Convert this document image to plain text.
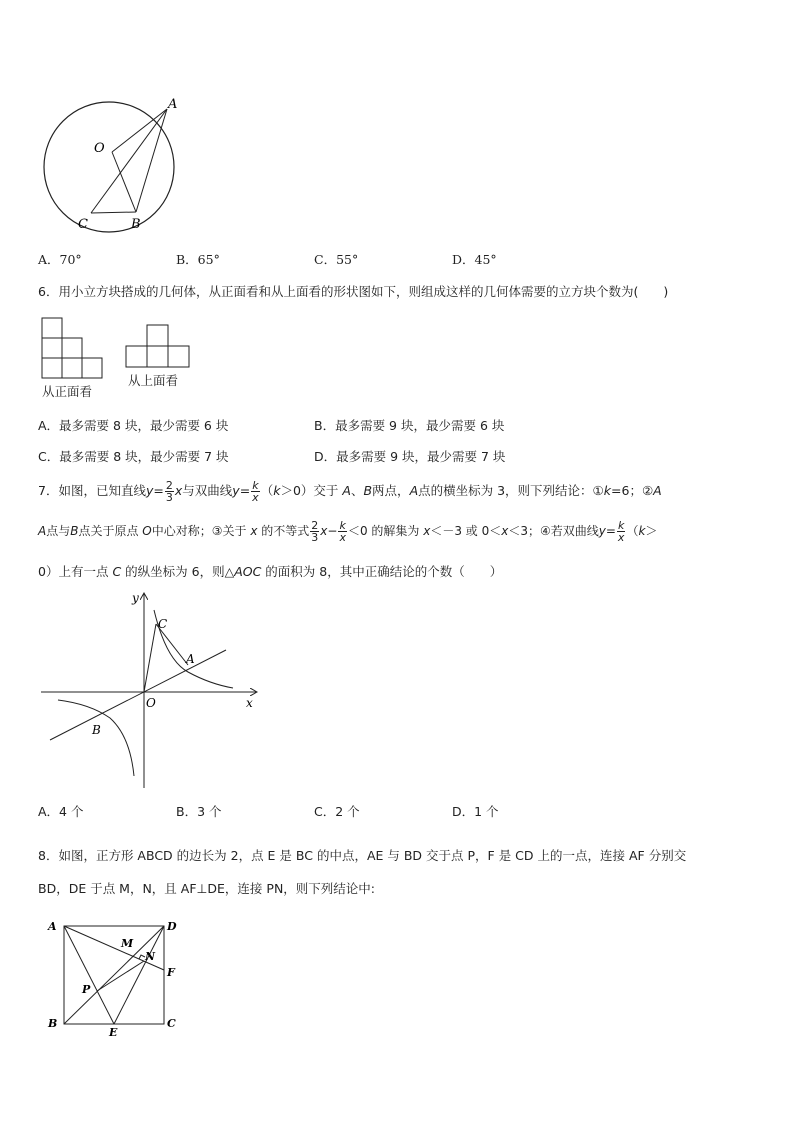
A
O
C	B
A．70°	B．65°	C．55°	D．45°
6．用小立方块搭成的几何体，从正面看和从上面看的形状图如下，则组成这样的几何体需要的立方块个数为(　　)
从正面看
从上面看
A．最多需要 8 块，最少需要 6 块	B．最多需要 9 块，最少需要 6 块
C．最多需要 8 块，最少需要 7 块	D．最多需要 9 块，最少需要 7 块
7．如图，已知直线$y= \frac{2}{3}$ x与双曲线$y= \frac{k}{x} (k>0)$交于 A、B两点，A点的横坐标为 3，则下列结论：①k=6；②A
A点与B点关于原点 O中心对称；③关于 x 的不等式 $\frac{2}{3} x- \frac{k}{x} <0$ 的解集为 x＜－3 或 0＜x＜3；④若双曲线$y= \frac{k}{x} (k>$
0）上有一点 C 的纵坐标为 6，则△AOC 的面积为 8，其中正确结论的个数（　　）
y
C
A
O	x
B
A．4 个	B．3 个	C．2 个	D．1 个
8．如图，正方形 ABCD 的边长为 2，点 E 是 BC 的中点，AE 与 BD 交于点 P，F 是 CD 上的一点，连接 AF 分别交
BD，DE 于点 M，N，且 AF⊥DE，连接 PN，则下列结论中:
A	D
M
N
F
P
B
E
C
